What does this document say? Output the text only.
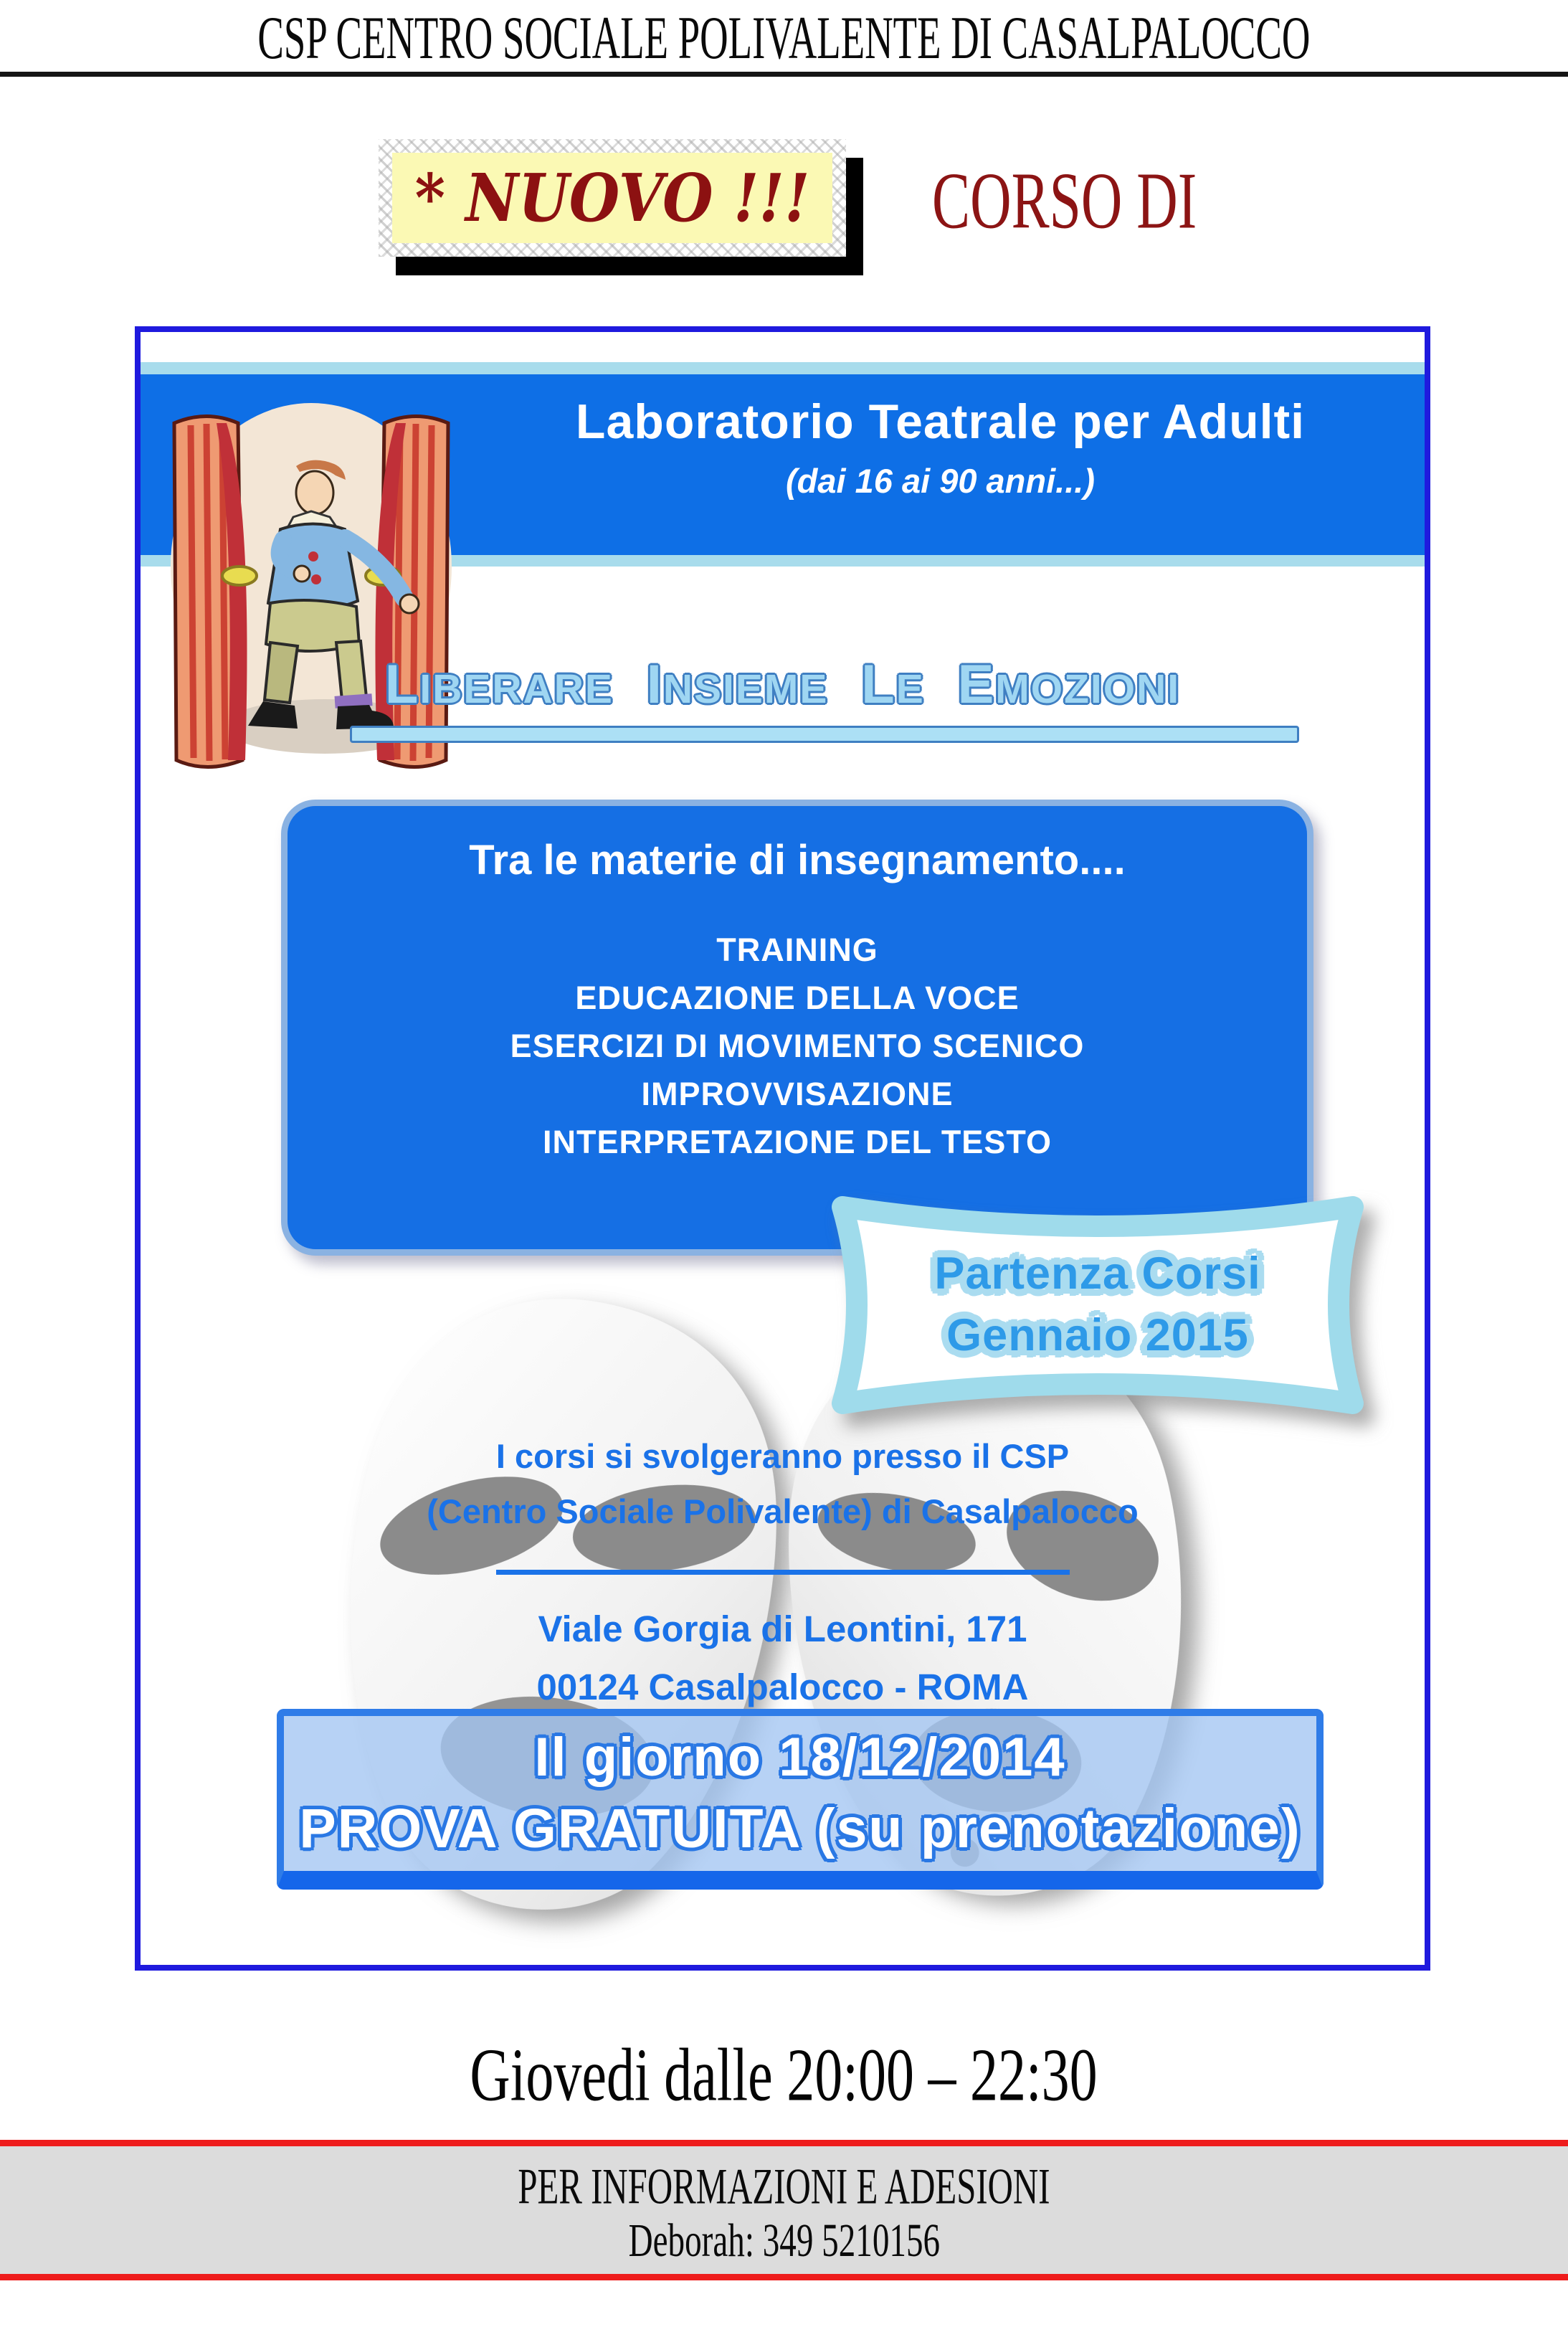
CSP CENTRO SOCIALE POLIVALENTE DI CASALPALOCCO
* NUOVO !!!	CORSO DI
Laboratorio Teatrale per Adulti
(dai 16 ai 90 anni...)
LIBERARE INSIEME LE EMOZIONI
Tra le materie di insegnamento....
TRAINING
EDUCAZIONE DELLA VOCE
ESERCIZI DI MOVIMENTO SCENICO
IMPROVVISAZIONE
INTERPRETAZIONE DEL TESTO
Partenza Corsi
Gennaio 2015
I corsi si svolgeranno presso il CSP
(Centro Sociale Polivalente) di Casalpalocco
Viale Gorgia di Leontini, 171
00124 Casalpalocco - ROMA
Il giorno 18/12/2014
PROVA GRATUITA (su prenotazione)
Giovedi dalle 20:00 – 22:30
PER INFORMAZIONI E ADESIONI
Deborah: 349 5210156
